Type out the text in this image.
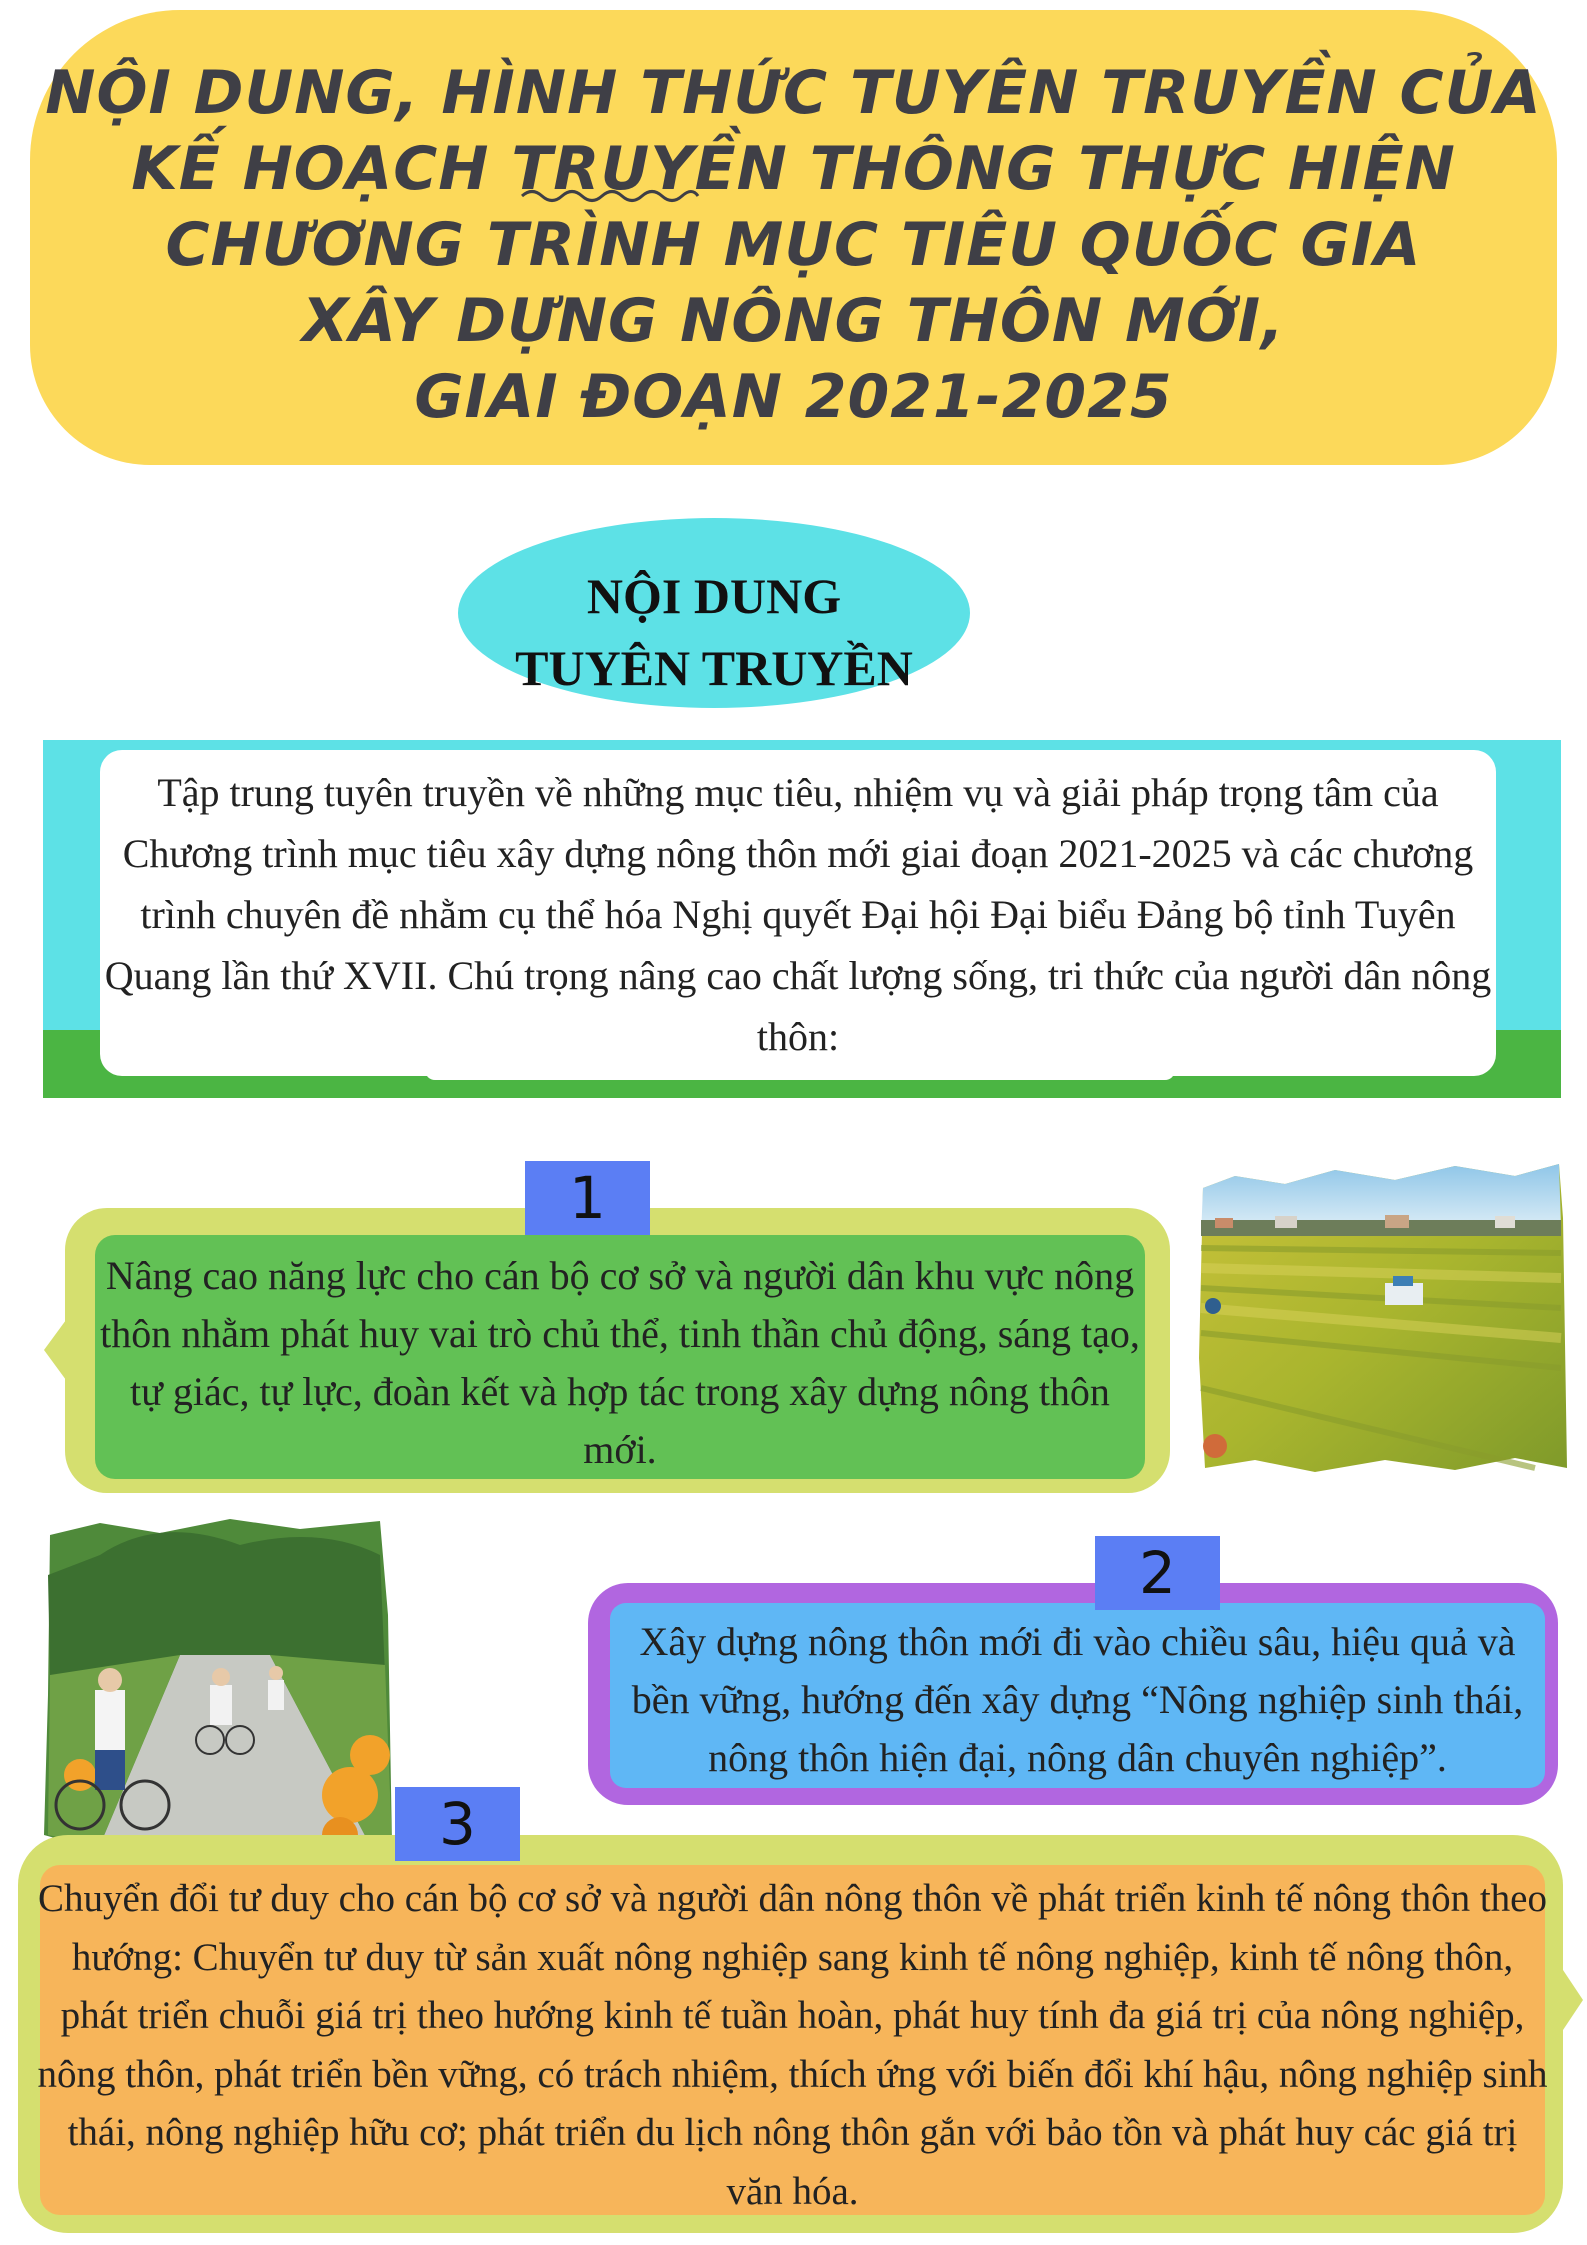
NỘI DUNG, HÌNH THỨC TUYÊN TRUYỀN CỦA
KẾ HOẠCH TRUYỀN THÔNG THỰC HIỆN
CHƯƠNG TRÌNH MỤC TIÊU QUỐC GIA
XÂY DỰNG NÔNG THÔN MỚI,
GIAI ĐOẠN 2021-2025
NỘI DUNG
TUYÊN TRUYỀN
Tập trung tuyên truyền về những mục tiêu, nhiệm vụ và giải pháp trọng tâm của Chương trình mục tiêu xây dựng nông thôn mới giai đoạn 2021-2025 và các chương trình chuyên đề nhằm cụ thể hóa Nghị quyết Đại hội Đại biểu Đảng bộ tỉnh Tuyên Quang lần thứ XVII. Chú trọng nâng cao chất lượng sống, tri thức của người dân nông thôn:
Nâng cao năng lực cho cán bộ cơ sở và người dân khu vực nông thôn nhằm phát huy vai trò chủ thể, tinh thần chủ động, sáng tạo, tự giác, tự lực, đoàn kết và hợp tác trong xây dựng nông thôn mới.
1
Xây dựng nông thôn mới đi vào chiều sâu, hiệu quả và bền vững, hướng đến xây dựng “Nông nghiệp sinh thái, nông thôn hiện đại, nông dân chuyên nghiệp”.
2
Chuyển đổi tư duy cho cán bộ cơ sở và người dân nông thôn về phát triển kinh tế nông thôn theo hướng: Chuyển tư duy từ sản xuất nông nghiệp sang kinh tế nông nghiệp, kinh tế nông thôn, phát triển chuỗi giá trị theo hướng kinh tế tuần hoàn, phát huy tính đa giá trị của nông nghiệp, nông thôn, phát triển bền vững, có trách nhiệm, thích ứng với biến đổi khí hậu, nông nghiệp sinh thái, nông nghiệp hữu cơ; phát triển du lịch nông thôn gắn với bảo tồn và phát huy các giá trị văn hóa.
3
